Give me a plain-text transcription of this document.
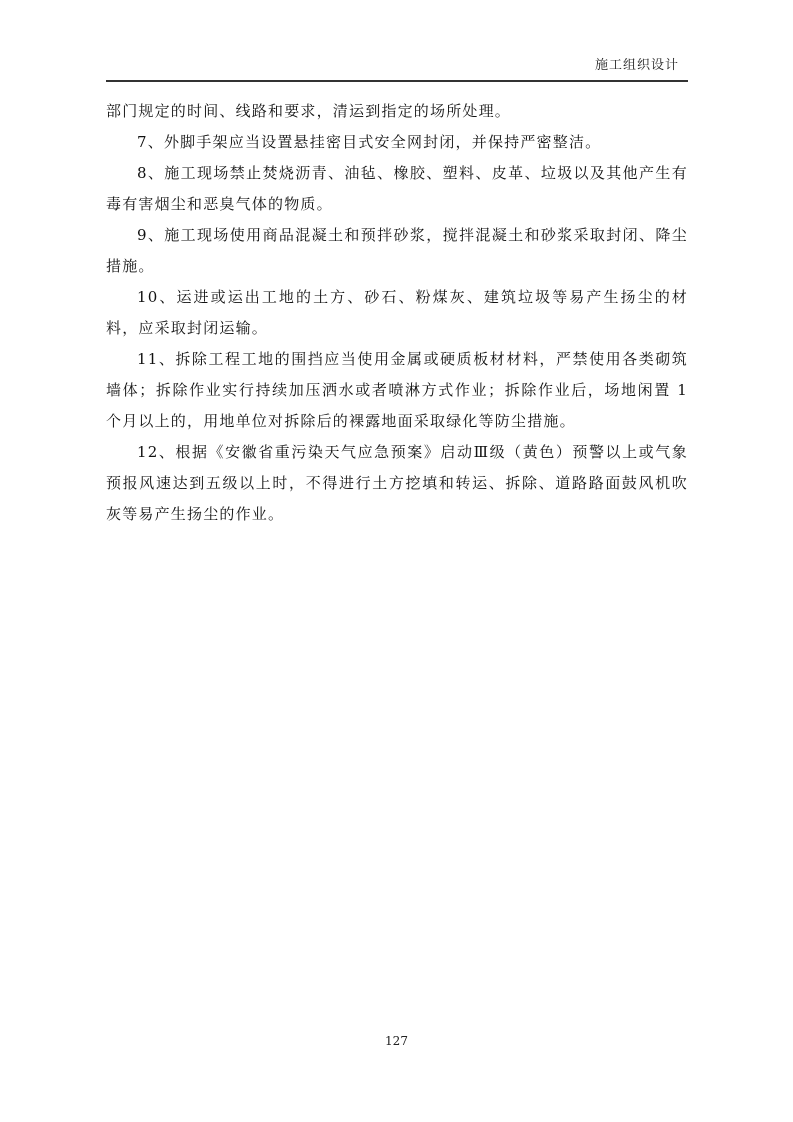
施工组织设计

部门规定的时间、线路和要求，清运到指定的场所处理。

7、外脚手架应当设置悬挂密目式安全网封闭，并保持严密整洁。

8、施工现场禁止焚烧沥青、油毡、橡胶、塑料、皮革、垃圾以及其他产生有毒有害烟尘和恶臭气体的物质。

9、施工现场使用商品混凝土和预拌砂浆，搅拌混凝土和砂浆采取封闭、降尘措施。

10、运进或运出工地的土方、砂石、粉煤灰、建筑垃圾等易产生扬尘的材料，应采取封闭运输。

11、拆除工程工地的围挡应当使用金属或硬质板材材料，严禁使用各类砌筑墙体；拆除作业实行持续加压洒水或者喷淋方式作业；拆除作业后，场地闲置 1 个月以上的，用地单位对拆除后的裸露地面采取绿化等防尘措施。

12、根据《安徽省重污染天气应急预案》启动Ⅲ级（黄色）预警以上或气象预报风速达到五级以上时，不得进行土方挖填和转运、拆除、道路路面鼓风机吹灰等易产生扬尘的作业。

127
